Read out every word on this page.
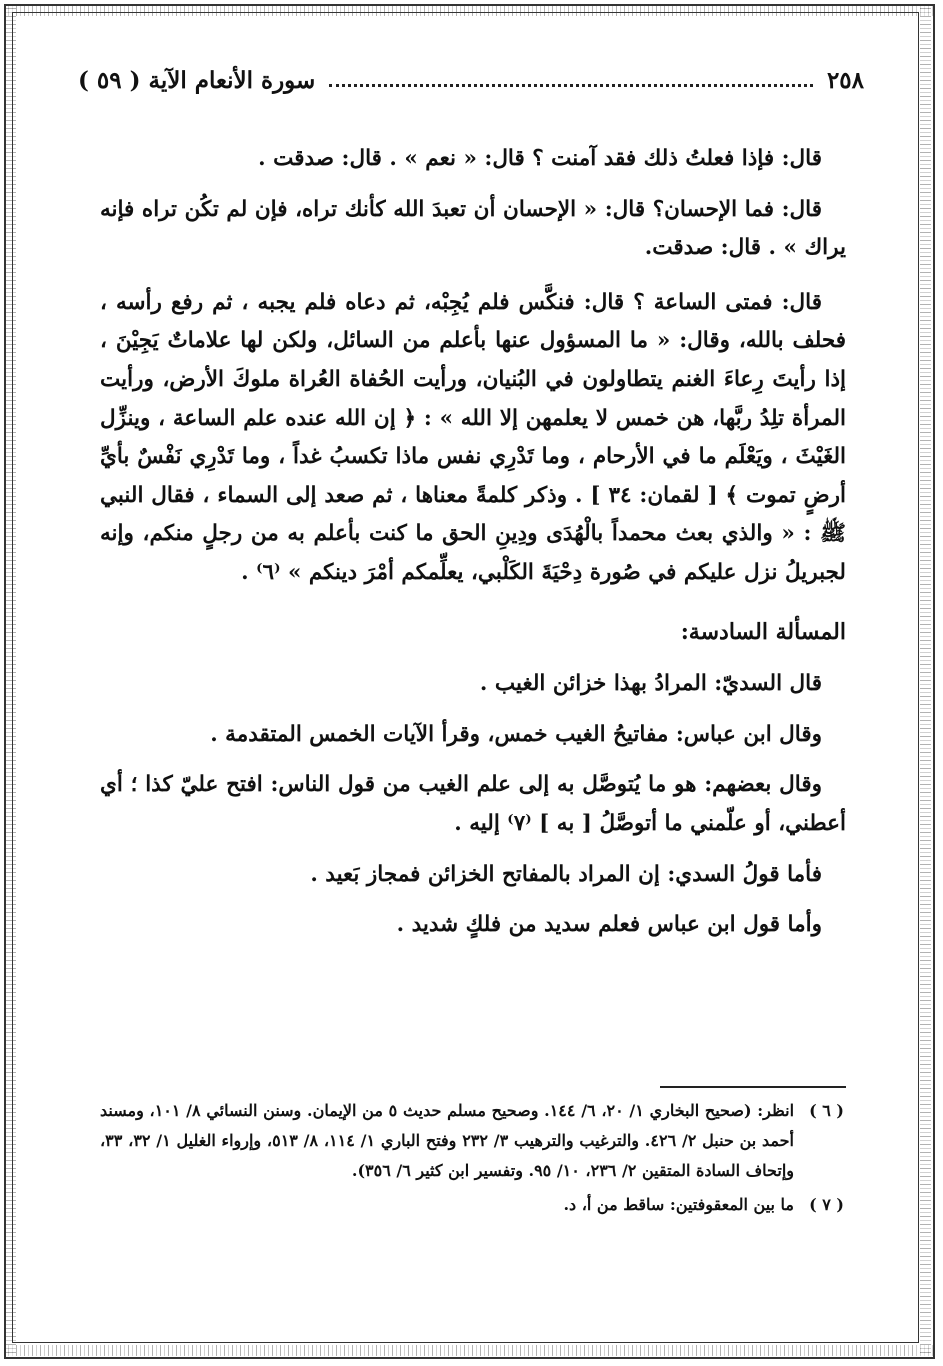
٢٥٨
سورة الأنعام الآية ( ٥٩ )

قال: فإذا فعلتُ ذلك فقد آمنت ؟ قال: « نعم » . قال: صدقت .

قال: فما الإحسان؟ قال: « الإحسان أن تعبدَ الله كأنك تراه، فإن لم تكُن تراه فإنه يراك » . قال: صدقت.

قال: فمتى الساعة ؟ قال: فنكَّس فلم يُجِبْه، ثم دعاه فلم يجبه ، ثم رفع رأسه ، فحلف بالله، وقال: « ما المسؤول عنها بأعلم من السائل، ولكن لها علاماتٌ يَجِيْنَ ، إذا رأيتَ رِعاءَ الغنم يتطاولون في البُنيان، ورأيت الحُفاة العُراة ملوكَ الأرض، ورأيت المرأة تلِدُ ربَّها، هن خمس لا يعلمهن إلا الله » : ﴿ إن الله عنده علم الساعة ، وينزِّل الغَيْثَ ، ويَعْلَم ما في الأرحام ، وما تَدْرِي نفس ماذا تكسبُ غداً ، وما تَدْرِي نَفْسٌ بأيِّ أرضٍ تموت ﴾ [ لقمان: ٣٤ ] . وذكر كلمةً معناها ، ثم صعد إلى السماء ، فقال النبي ﷺ : « والذي بعث محمداً بالْهُدَى ودِينِ الحق ما كنت بأعلم به من رجلٍ منكم، وإنه لجبريلُ نزل عليكم في صُورة دِحْيَةَ الكَلْبي، يعلِّمكم أمْرَ دينكم » ⁽٦⁾ .

المسألة السادسة:

قال السديّ: المرادُ بهذا خزائن الغيب .

وقال ابن عباس: مفاتيحُ الغيب خمس، وقرأ الآيات الخمس المتقدمة .

وقال بعضهم: هو ما يُتوصَّل به إلى علم الغيب من قول الناس: افتح عليّ كذا ؛ أي أعطني، أو علّمني ما أتوصَّلُ [ به ] ⁽٧⁾ إليه .

فأما قولُ السدي: إن المراد بالمفاتح الخزائن فمجاز بَعيد .

وأما قول ابن عباس فعلم سديد من فلكٍ شديد .

( ٦ )
انظر: (صحيح البخاري ١/ ٢٠، ٦/ ١٤٤. وصحيح مسلم حديث ٥ من الإيمان. وسنن النسائي ٨/ ١٠١، ومسند أحمد بن حنبل ٢/ ٤٢٦. والترغيب والترهيب ٣/ ٢٣٢ وفتح الباري ١/ ١١٤، ٨/ ٥١٣، وإرواء الغليل ١/ ٣٢، ٣٣، وإتحاف السادة المتقين ٢/ ٢٣٦، ١٠/ ٩٥. وتفسير ابن كثير ٦/ ٣٥٦).
( ٧ )
ما بين المعقوفتين: ساقط من أ، د.
